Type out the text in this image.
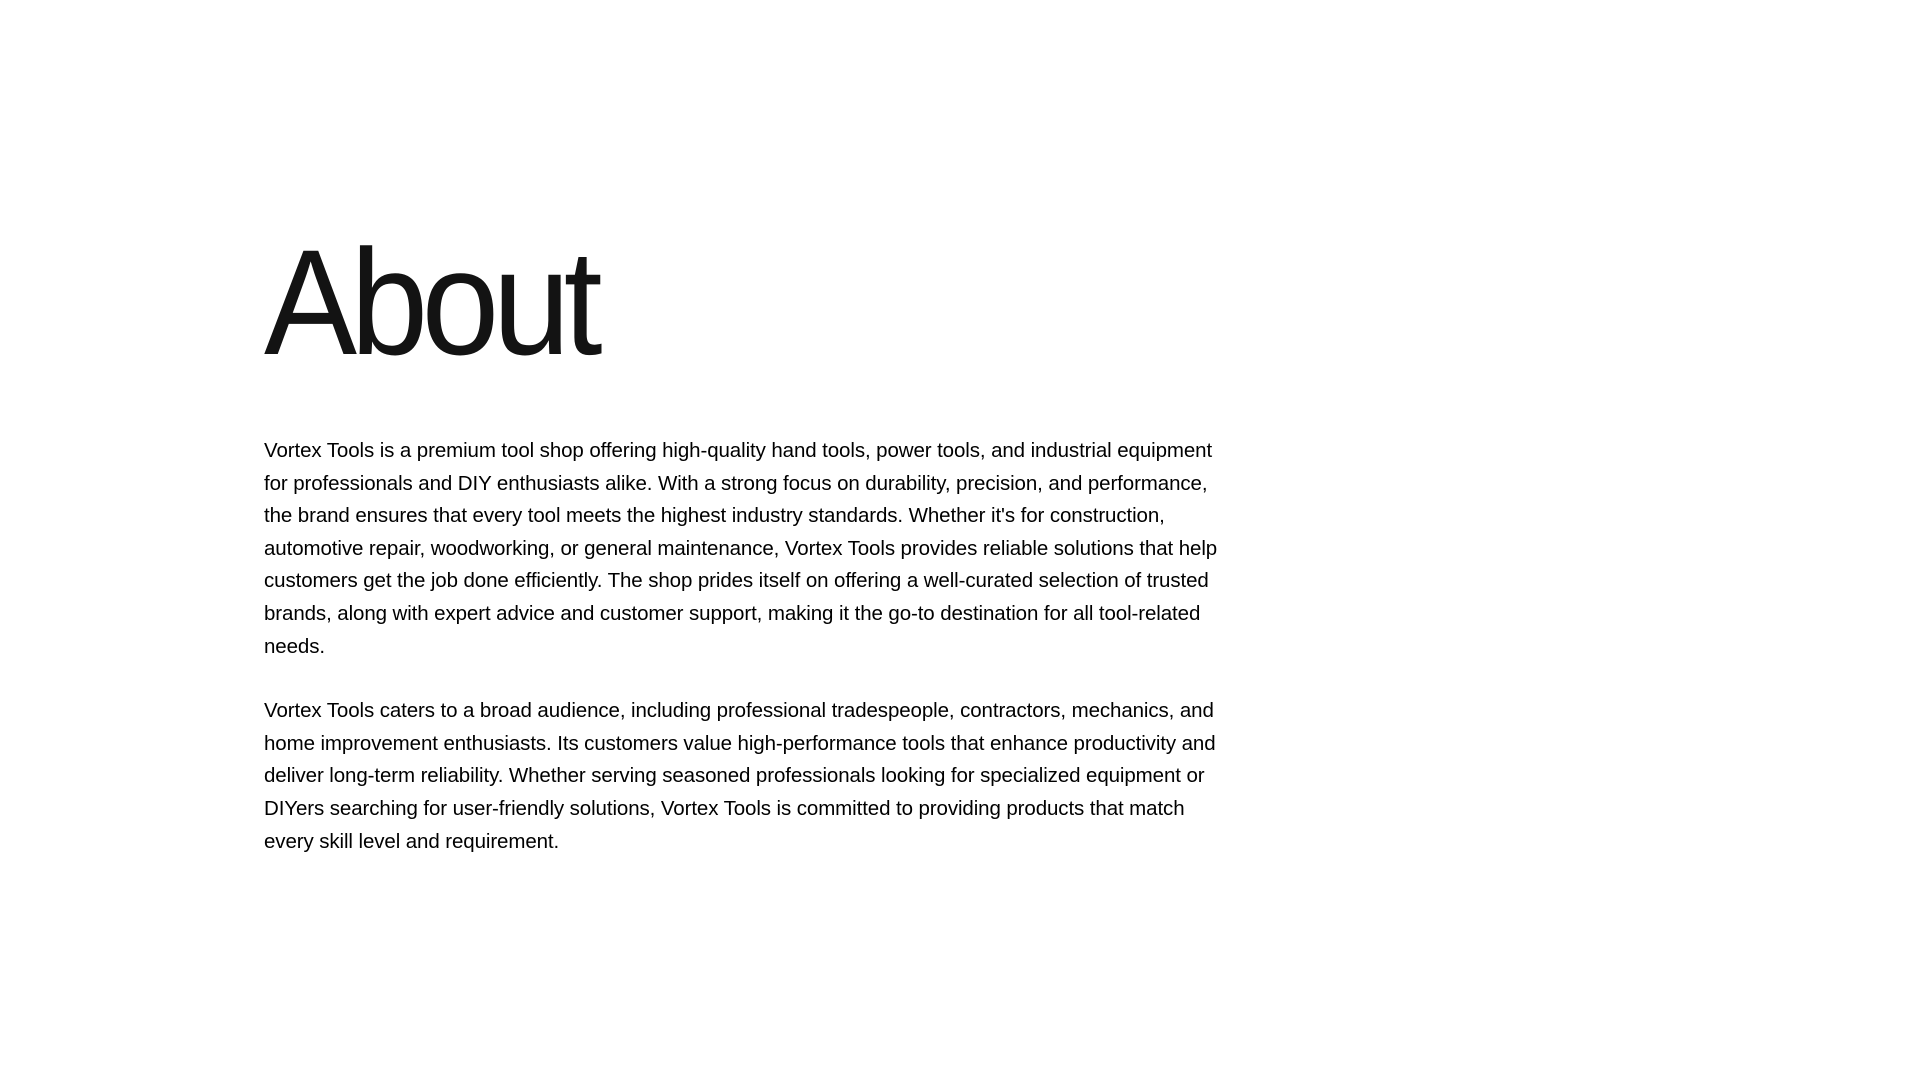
About

Vortex Tools is a premium tool shop offering high-quality hand tools, power tools, and industrial equipment for professionals and DIY enthusiasts alike. With a strong focus on durability, precision, and performance, the brand ensures that every tool meets the highest industry standards. Whether it's for construction, automotive repair, woodworking, or general maintenance, Vortex Tools provides reliable solutions that help customers get the job done efficiently. The shop prides itself on offering a well-curated selection of trusted brands, along with expert advice and customer support, making it the go-to destination for all tool-related needs.

Vortex Tools caters to a broad audience, including professional tradespeople, contractors, mechanics, and home improvement enthusiasts. Its customers value high-performance tools that enhance productivity and deliver long-term reliability. Whether serving seasoned professionals looking for specialized equipment or DIYers searching for user-friendly solutions, Vortex Tools is committed to providing products that match every skill level and requirement.
